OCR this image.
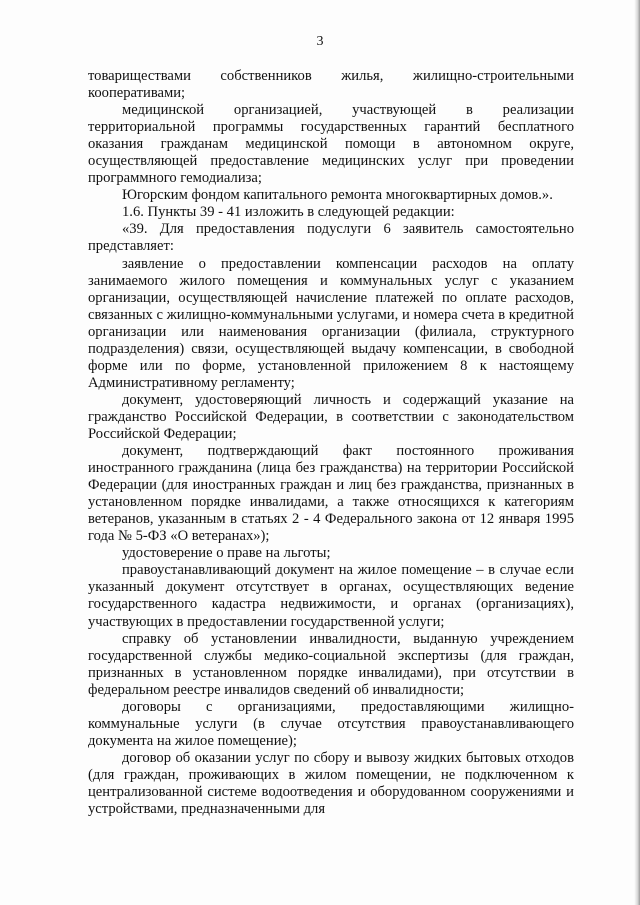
3

товариществами собственников жилья, жилищно-строительными кооперативами;

медицинской организацией, участвующей в реализации территориальной программы государственных гарантий бесплатного оказания гражданам медицинской помощи в автономном округе, осуществляющей предоставление медицинских услуг при проведении программного гемодиализа;

Югорским фондом капитального ремонта многоквартирных домов.».

1.6. Пункты 39 - 41 изложить в следующей редакции:

«39. Для предоставления подуслуги 6 заявитель самостоятельно представляет:

заявление о предоставлении компенсации расходов на оплату занимаемого жилого помещения и коммунальных услуг с указанием организации, осуществляющей начисление платежей по оплате расходов, связанных с жилищно-коммунальными услугами, и номера счета в кредитной организации или наименования организации (филиала, структурного подразделения) связи, осуществляющей выдачу компенсации, в свободной форме или по форме, установленной приложением 8 к настоящему Административному регламенту;

документ, удостоверяющий личность и содержащий указание на гражданство Российской Федерации, в соответствии с законодательством Российской Федерации;

документ, подтверждающий факт постоянного проживания иностранного гражданина (лица без гражданства) на территории Российской Федерации (для иностранных граждан и лиц без гражданства, признанных в установленном порядке инвалидами, а также относящихся к категориям ветеранов, указанным в статьях 2 - 4 Федерального закона от 12 января 1995 года № 5-ФЗ «О ветеранах»);

удостоверение о праве на льготы;

правоустанавливающий документ на жилое помещение – в случае если указанный документ отсутствует в органах, осуществляющих ведение государственного кадастра недвижимости, и органах (организациях), участвующих в предоставлении государственной услуги;

справку об установлении инвалидности, выданную учреждением государственной службы медико-социальной экспертизы (для граждан, признанных в установленном порядке инвалидами), при отсутствии в федеральном реестре инвалидов сведений об инвалидности;

договоры с организациями, предоставляющими жилищно-коммунальные услуги (в случае отсутствия правоустанавливающего документа на жилое помещение);

договор об оказании услуг по сбору и вывозу жидких бытовых отходов (для граждан, проживающих в жилом помещении, не подключенном к централизованной системе водоотведения и оборудованном сооружениями и устройствами, предназначенными для
